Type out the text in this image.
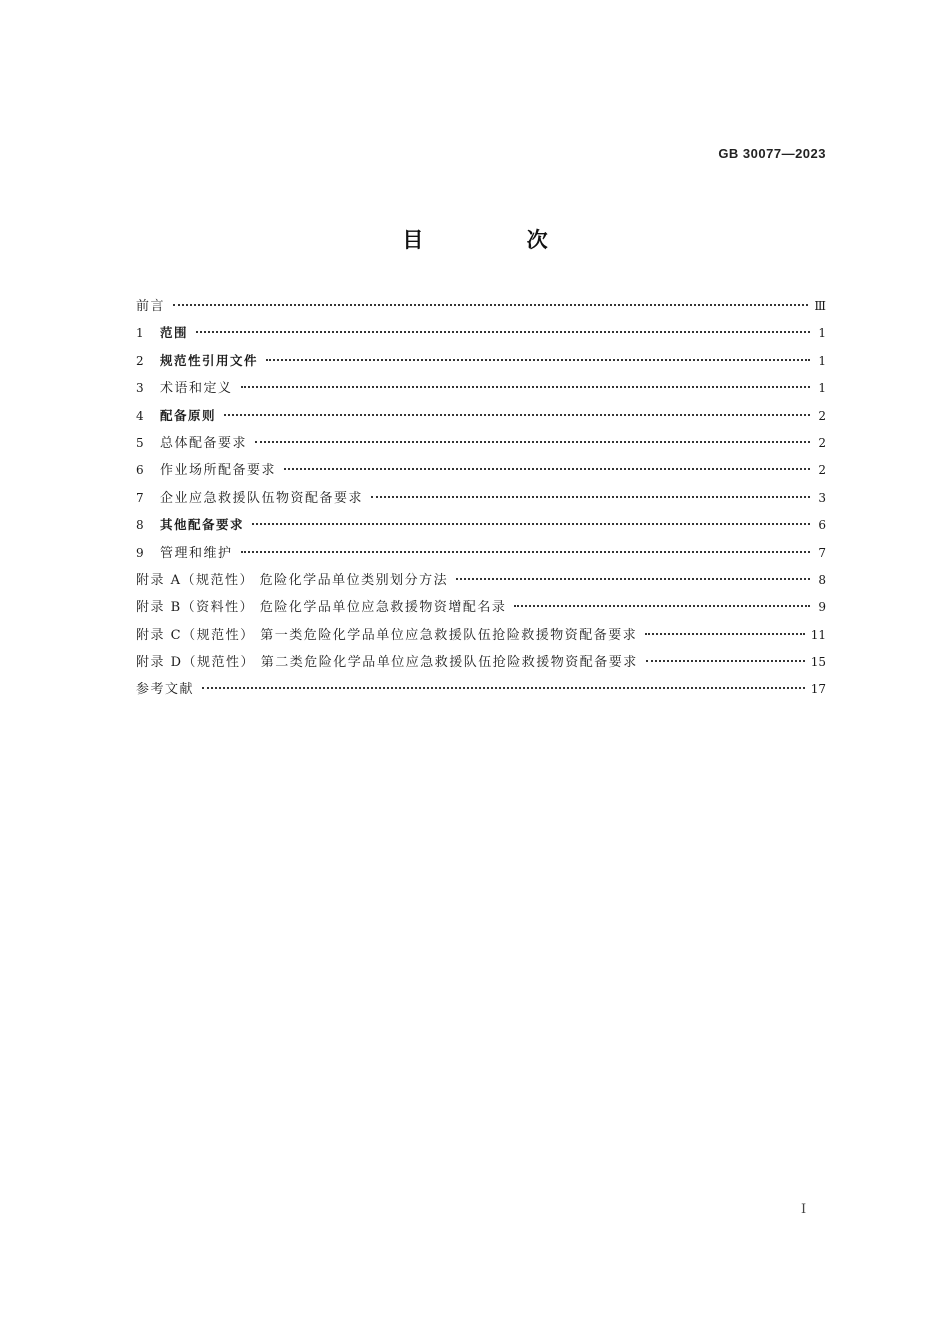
GB 30077—2023
目 次
前言	Ⅲ
1	范围	1
2	规范性引用文件	1
3	术语和定义	1
4	配备原则	2
5	总体配备要求	2
6	作业场所配备要求	2
7	企业应急救援队伍物资配备要求	3
8	其他配备要求	6
9	管理和维护	7
附录 A（规范性） 危险化学品单位类别划分方法	8
附录 B（资料性） 危险化学品单位应急救援物资增配名录	9
附录 C（规范性） 第一类危险化学品单位应急救援队伍抢险救援物资配备要求	11
附录 D（规范性） 第二类危险化学品单位应急救援队伍抢险救援物资配备要求	15
参考文献	17
I
